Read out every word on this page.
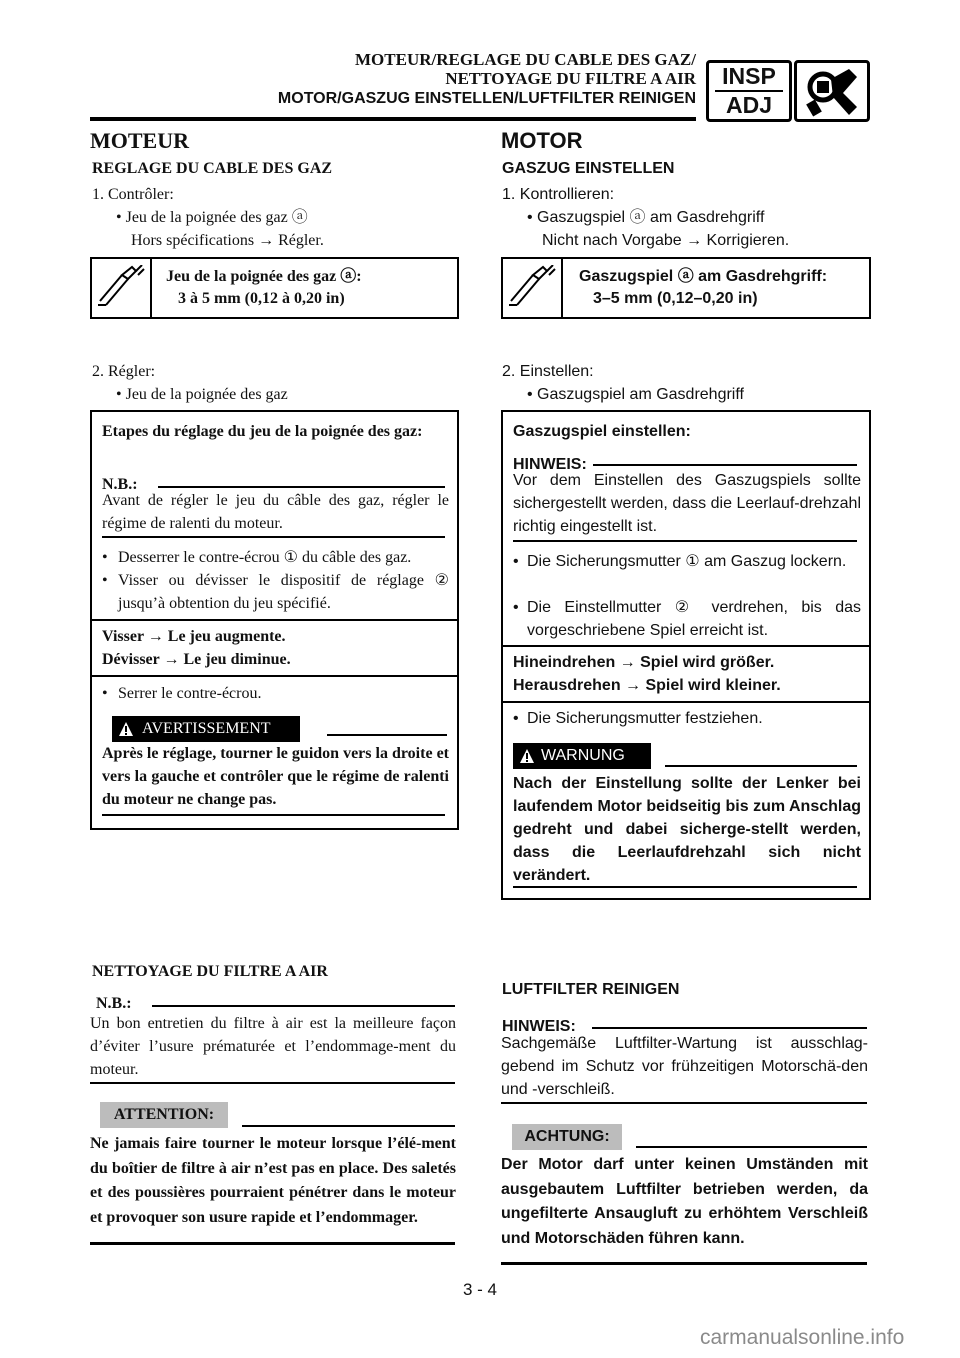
MOTEUR/REGLAGE DU CABLE DES GAZ/
NETTOYAGE DU FILTRE A AIR
MOTOR/GASZUG EINSTELLEN/LUFTFILTER REINIGEN
INSP
ADJ
MOTEUR
REGLAGE DU CABLE DES GAZ
1. Contrôler:
• Jeu de la poignée des gaz ⓐ
Hors spécifications → Régler.
Jeu de la poignée des gaz ⓐ:
3 à 5 mm (0,12 à 0,20 in)
2. Régler:
• Jeu de la poignée des gaz
Etapes du réglage du jeu de la poignée des gaz:
N.B.:
Avant de régler le jeu du câble des gaz, régler le régime de ralenti du moteur.
• Desserrer le contre-écrou ① du câble des gaz.
• Visser ou dévisser le dispositif de réglage ② jusqu’à obtention du jeu spécifié.
Visser → Le jeu augmente.
Dévisser → Le jeu diminue.
• Serrer le contre-écrou.
AVERTISSEMENT
Après le réglage, tourner le guidon vers la droite et vers la gauche et contrôler que le régime de ralenti du moteur ne change pas.
NETTOYAGE DU FILTRE A AIR
N.B.:
Un bon entretien du filtre à air est la meilleure façon d’éviter l’usure prématurée et l’endommage-ment du moteur.
ATTENTION:
Ne jamais faire tourner le moteur lorsque l’élé-ment du boîtier de filtre à air n’est pas en place. Des saletés et des poussières pourraient pénétrer dans le moteur et provoquer son usure rapide et l’endommager.
MOTOR
GASZUG EINSTELLEN
1. Kontrollieren:
• Gaszugspiel ⓐ am Gasdrehgriff
Nicht nach Vorgabe → Korrigieren.
Gaszugspiel ⓐ am Gasdrehgriff:
3–5 mm (0,12–0,20 in)
2. Einstellen:
• Gaszugspiel am Gasdrehgriff
Gaszugspiel einstellen:
HINWEIS:
Vor dem Einstellen des Gaszugspiels sollte sichergestellt werden, dass die Leerlauf-drehzahl richtig eingestellt ist.
• Die Sicherungsmutter ① am Gaszug lockern.
• Die Einstellmutter ② verdrehen, bis das vorgeschriebene Spiel erreicht ist.
Hineindrehen → Spiel wird größer.
Herausdrehen → Spiel wird kleiner.
• Die Sicherungsmutter festziehen.
WARNUNG
Nach der Einstellung sollte der Lenker bei laufendem Motor beidseitig bis zum Anschlag gedreht und dabei sicherge-stellt werden, dass die Leerlaufdrehzahl sich nicht verändert.
LUFTFILTER REINIGEN
HINWEIS:
Sachgemäße Luftfilter-Wartung ist ausschlag-gebend im Schutz vor frühzeitigen Motorschä-den und -verschleiß.
ACHTUNG:
Der Motor darf unter keinen Umständen mit ausgebautem Luftfilter betrieben werden, da ungefilterte Ansaugluft zu erhöhtem Verschleiß und Motorschäden führen kann.
3 - 4
carmanualsonline.info
